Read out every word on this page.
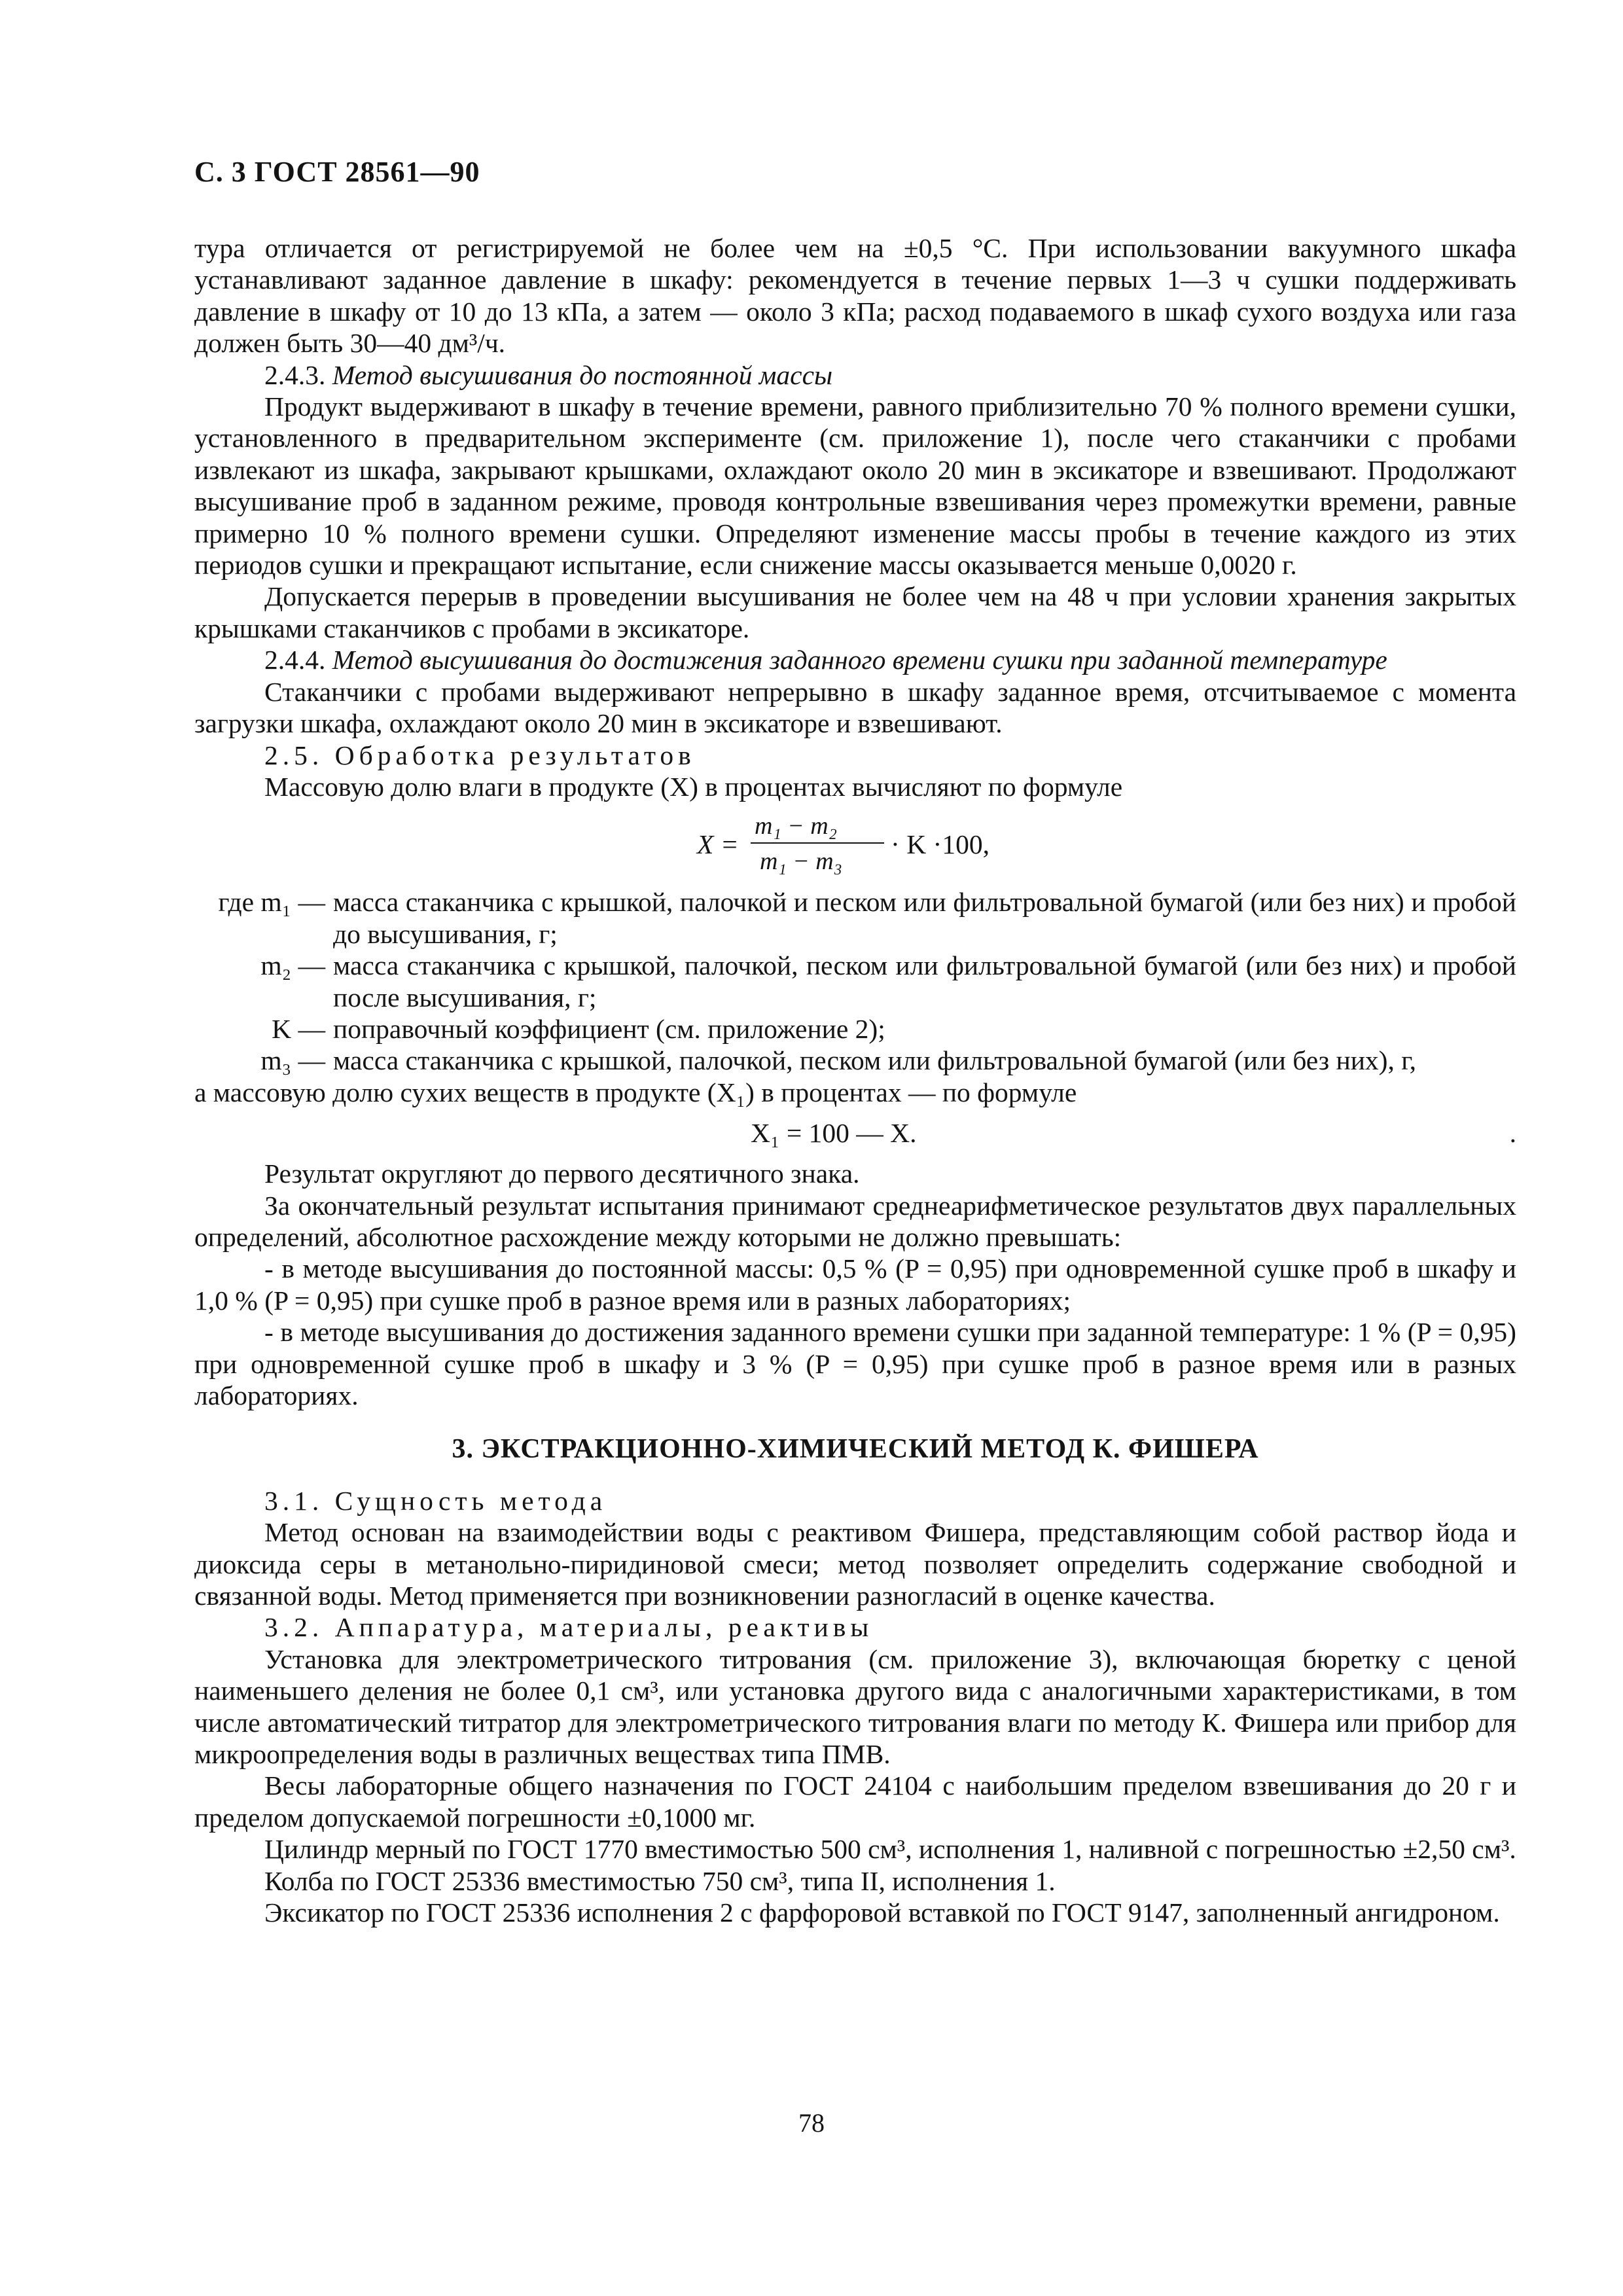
С. 3 ГОСТ 28561—90
тура отличается от регистрируемой не более чем на ±0,5 °С. При использовании вакуумного шкафа устанавливают заданное давление в шкафу: рекомендуется в течение первых 1—3 ч сушки поддерживать давление в шкафу от 10 до 13 кПа, а затем — около 3 кПа; расход подаваемого в шкаф сухого воздуха или газа должен быть 30—40 дм³/ч.
2.4.3. Метод высушивания до постоянной массы
Продукт выдерживают в шкафу в течение времени, равного приблизительно 70 % полного времени сушки, установленного в предварительном эксперименте (см. приложение 1), после чего стаканчики с пробами извлекают из шкафа, закрывают крышками, охлаждают около 20 мин в эксикаторе и взвешивают. Продолжают высушивание проб в заданном режиме, проводя контрольные взвешивания через промежутки времени, равные примерно 10 % полного времени сушки. Определяют изменение массы пробы в течение каждого из этих периодов сушки и прекращают испытание, если снижение массы оказывается меньше 0,0020 г.
Допускается перерыв в проведении высушивания не более чем на 48 ч при условии хранения закрытых крышками стаканчиков с пробами в эксикаторе.
2.4.4. Метод высушивания до достижения заданного времени сушки при заданной температуре
Стаканчики с пробами выдерживают непрерывно в шкафу заданное время, отсчитываемое с момента загрузки шкафа, охлаждают около 20 мин в эксикаторе и взвешивают.
2.5. Обработка результатов
Массовую долю влаги в продукте (X) в процентах вычисляют по формуле
X =
m₁ − m₂
m₁ − m₃
· K ·100,
где m₁ — масса стаканчика с крышкой, палочкой и песком или фильтровальной бумагой (или без них) и пробой до высушивания, г;
m₂ — масса стаканчика с крышкой, палочкой, песком или фильтровальной бумагой (или без них) и пробой после высушивания, г;
K — поправочный коэффициент (см. приложение 2);
m₃ — масса стаканчика с крышкой, палочкой, песком или фильтровальной бумагой (или без них), г,
а массовую долю сухих веществ в продукте (X₁) в процентах — по формуле
X₁ = 100 — X.	.
Результат округляют до первого десятичного знака.
За окончательный результат испытания принимают среднеарифметическое результатов двух параллельных определений, абсолютное расхождение между которыми не должно превышать:
- в методе высушивания до постоянной массы: 0,5 % (P = 0,95) при одновременной сушке проб в шкафу и 1,0 % (P = 0,95) при сушке проб в разное время или в разных лабораториях;
- в методе высушивания до достижения заданного времени сушки при заданной температуре: 1 % (P = 0,95) при одновременной сушке проб в шкафу и 3 % (P = 0,95) при сушке проб в разное время или в разных лабораториях.
3. ЭКСТРАКЦИОННО-ХИМИЧЕСКИЙ МЕТОД К. ФИШЕРА
3.1. Сущность метода
Метод основан на взаимодействии воды с реактивом Фишера, представляющим собой раствор йода и диоксида серы в метанольно-пиридиновой смеси; метод позволяет определить содержание свободной и связанной воды. Метод применяется при возникновении разногласий в оценке качества.
3.2. Аппаратура, материалы, реактивы
Установка для электрометрического титрования (см. приложение 3), включающая бюретку с ценой наименьшего деления не более 0,1 см³, или установка другого вида с аналогичными характеристиками, в том числе автоматический титратор для электрометрического титрования влаги по методу К. Фишера или прибор для микроопределения воды в различных веществах типа ПМВ.
Весы лабораторные общего назначения по ГОСТ 24104 с наибольшим пределом взвешивания до 20 г и пределом допускаемой погрешности ±0,1000 мг.
Цилиндр мерный по ГОСТ 1770 вместимостью 500 см³, исполнения 1, наливной с погрешностью ±2,50 см³.
Колба по ГОСТ 25336 вместимостью 750 см³, типа II, исполнения 1.
Эксикатор по ГОСТ 25336 исполнения 2 с фарфоровой вставкой по ГОСТ 9147, заполненный ангидроном.
78
